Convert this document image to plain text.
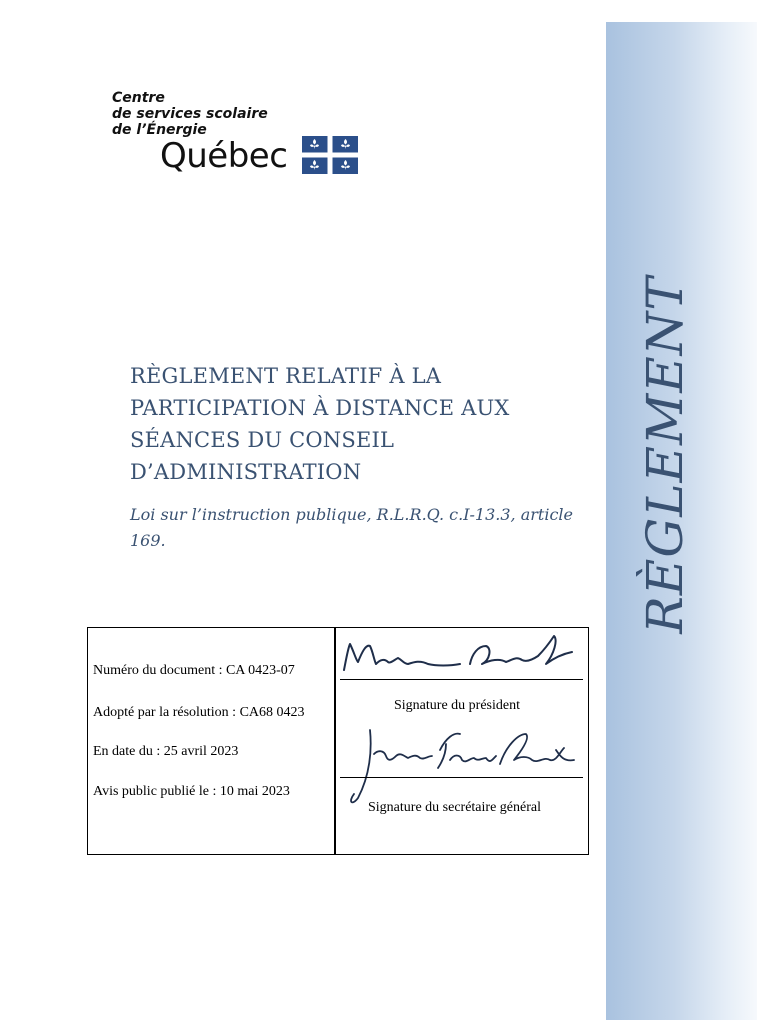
RÈGLEMENT
Centre
de services scolaire
de l’Énergie
Québec
RÈGLEMENT RELATIF À LA
PARTICIPATION À DISTANCE AUX
SÉANCES DU CONSEIL
D’ADMINISTRATION
Loi sur l’instruction publique, R.L.R.Q. c.I-13.3, article
169.
Numéro du document : CA 0423-07
Adopté par la résolution : CA68 0423
En date du : 25 avril 2023
Avis public publié le : 10 mai 2023
Signature du président
Signature du secrétaire général
